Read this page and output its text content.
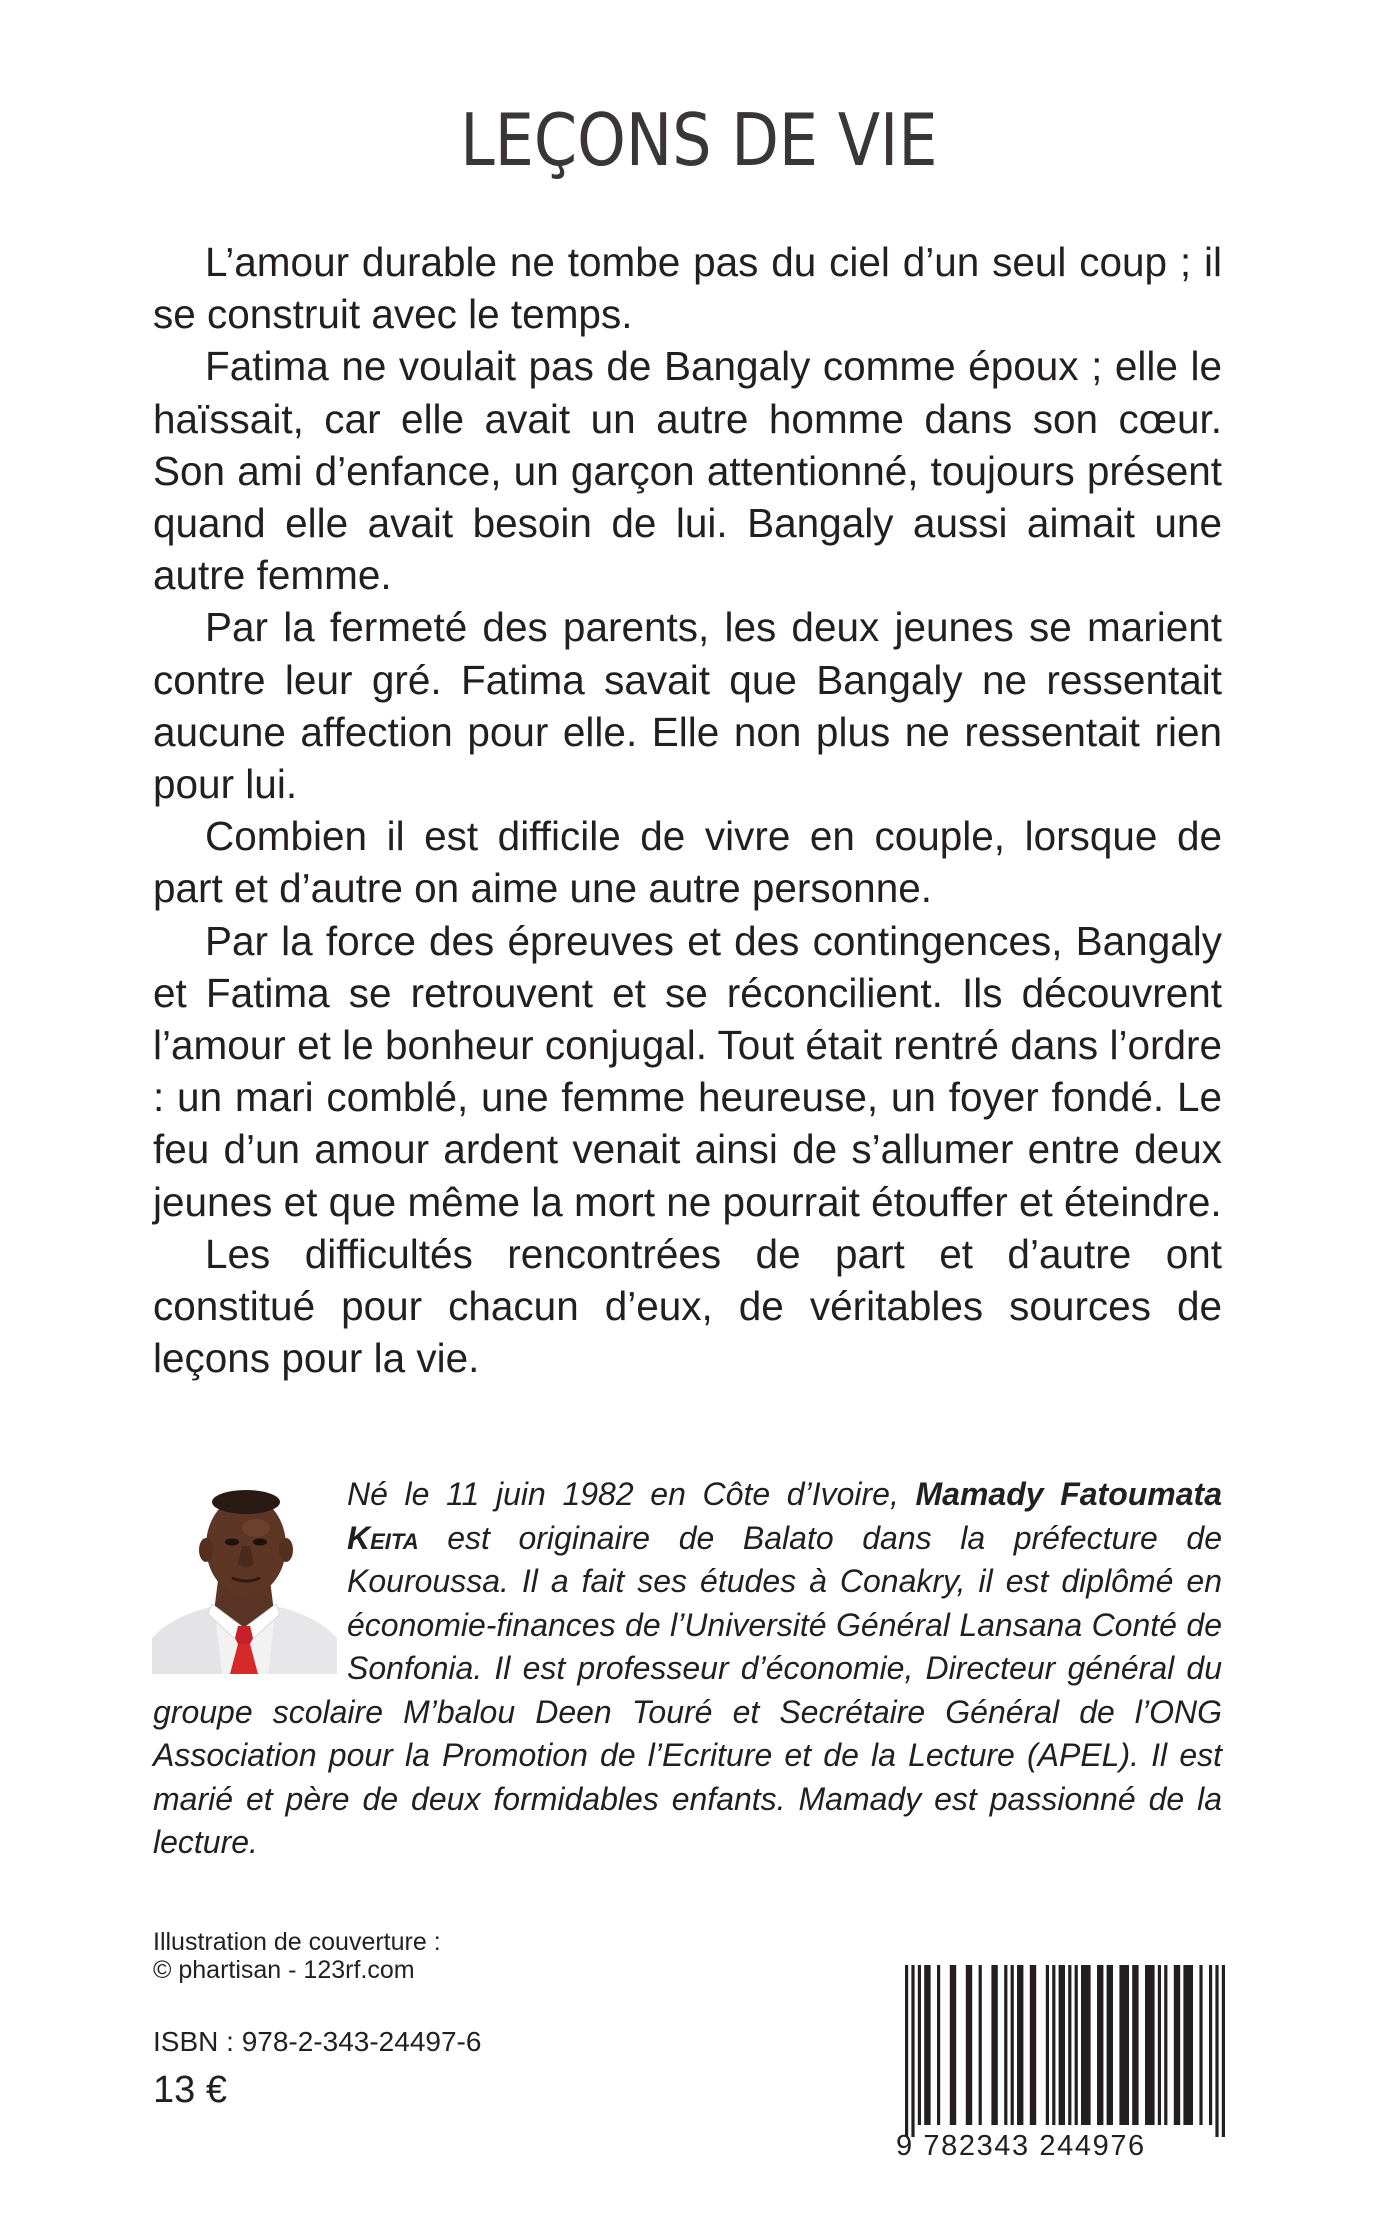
LEÇONS DE VIE

L’amour durable ne tombe pas du ciel d’un seul coup ; il se construit avec le temps.

Fatima ne voulait pas de Bangaly comme époux ; elle le haïssait, car elle avait un autre homme dans son cœur. Son ami d’enfance, un garçon attentionné, toujours présent quand elle avait besoin de lui. Bangaly aussi aimait une autre femme.

Par la fermeté des parents, les deux jeunes se marient contre leur gré. Fatima savait que Bangaly ne ressentait aucune affection pour elle. Elle non plus ne ressentait rien pour lui.

Combien il est difficile de vivre en couple, lorsque de part et d’autre on aime une autre personne.

Par la force des épreuves et des contingences, Bangaly et Fatima se retrouvent et se réconcilient. Ils découvrent l’amour et le bonheur conjugal. Tout était rentré dans l’ordre : un mari comblé, une femme heureuse, un foyer fondé. Le feu d’un amour ardent venait ainsi de s’allumer entre deux jeunes et que même la mort ne pourrait étouffer et éteindre.

Les difficultés rencontrées de part et d’autre ont constitué pour chacun d’eux, de véritables sources de leçons pour la vie.

Né le 11 juin 1982 en Côte d’Ivoire, Mamady Fatoumata Keita est originaire de Balato dans la préfecture de Kouroussa. Il a fait ses études à Conakry, il est diplômé en économie-finances de l’Université Général Lansana Conté de Sonfonia. Il est professeur d’économie, Directeur général du groupe scolaire M’balou Deen Touré et Secrétaire Général de l’ONG Association pour la Promotion de l’Ecriture et de la Lecture (APEL). Il est marié et père de deux formidables enfants. Mamady est passionné de la lecture.
Illustration de couverture :
© phartisan - 123rf.com
ISBN : 978-2-343-24497-6
13 €
9 782343 244976
